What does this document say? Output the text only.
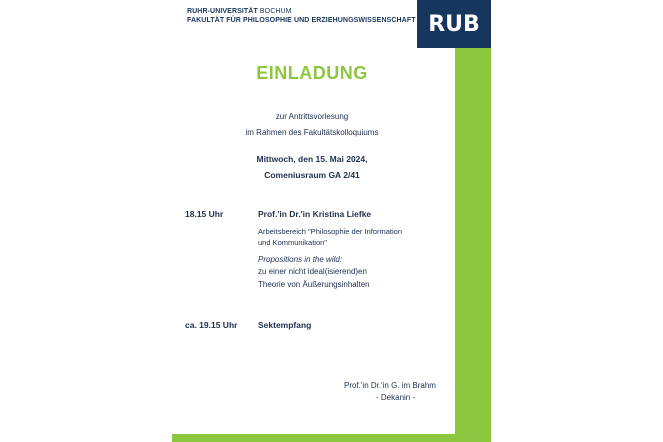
RUB
RUHR-UNIVERSITÄT BOCHUM
FAKULTÄT FÜR PHILOSOPHIE UND ERZIEHUNGSWISSENSCHAFT
EINLADUNG
zur Antrittsvorlesung
im Rahmen des Fakultätskolloquiums
Mittwoch, den 15. Mai 2024,
Comeniusraum GA 2/41
18.15 Uhr	Prof.'in Dr.'in Kristina Liefke
Arbeitsbereich "Philosophie der Information
und Kommunikation"
Propositions in the wild:
zu einer nicht ideal(isierend)en
Theorie von Äußerungsinhalten
ca. 19.15 Uhr Sektempfang
Prof.'in Dr.'in G. im Brahm
- Dekanin -
